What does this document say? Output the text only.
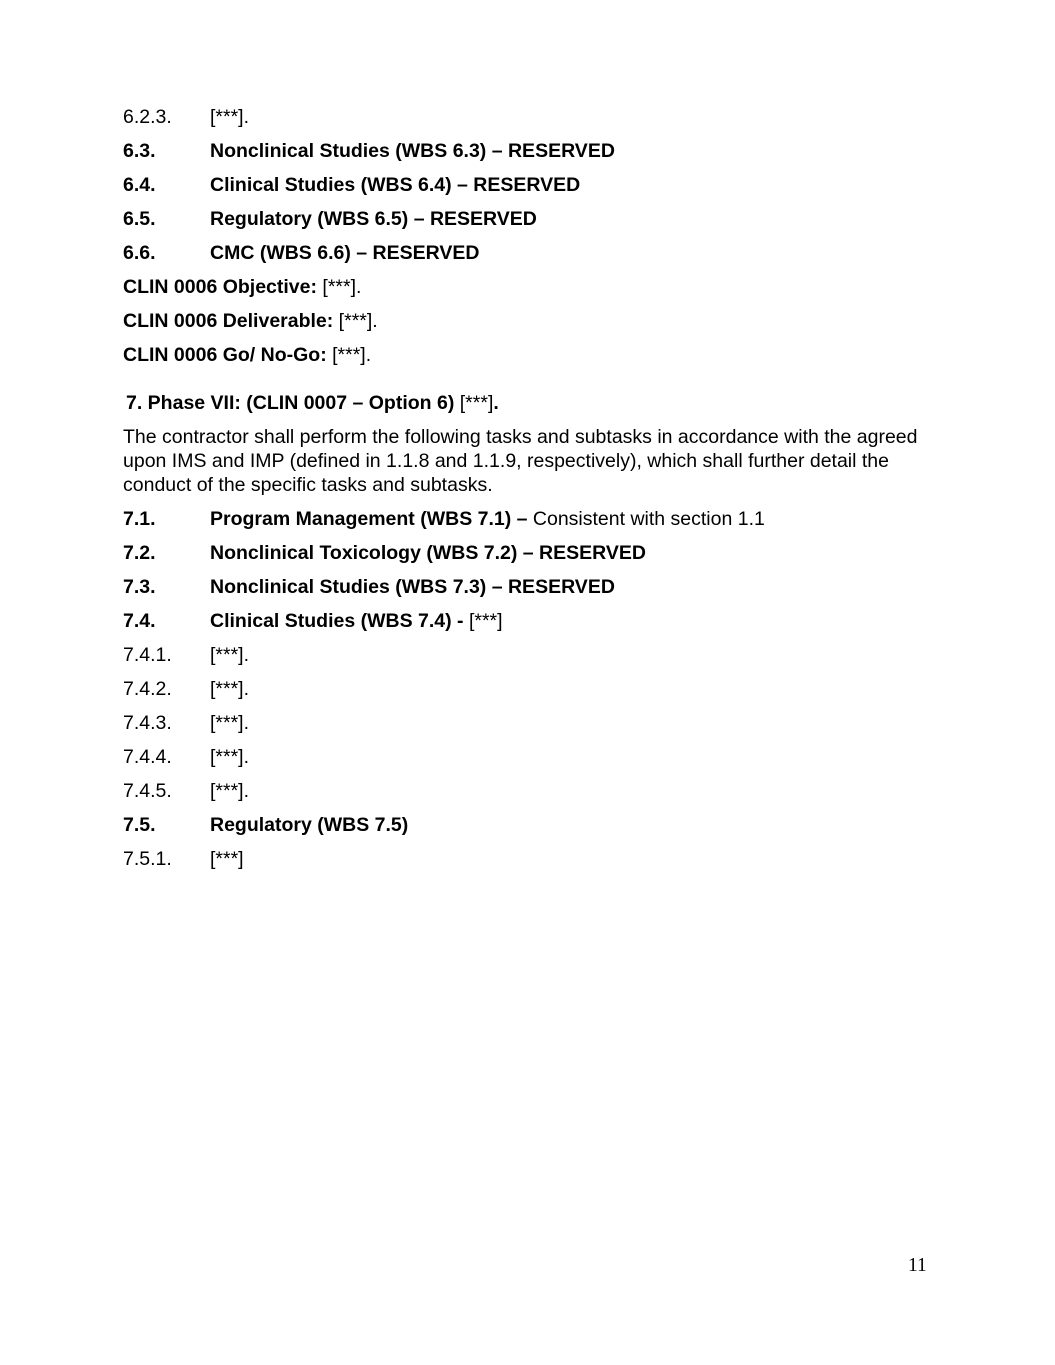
6.2.3. [***].
6.3.	Nonclinical Studies (WBS 6.3) – RESERVED
6.4.	Clinical Studies (WBS 6.4) – RESERVED
6.5.	Regulatory (WBS 6.5) – RESERVED
6.6.	CMC (WBS 6.6) – RESERVED
CLIN 0006 Objective: [***].
CLIN 0006 Deliverable: [***].
CLIN 0006 Go/ No-Go: [***].
7. Phase VII: (CLIN 0007 – Option 6) [***].
The contractor shall perform the following tasks and subtasks in accordance with the agreed upon IMS and IMP (defined in 1.1.8 and 1.1.9, respectively), which shall further detail the conduct of the specific tasks and subtasks.
7.1.	Program Management (WBS 7.1) – Consistent with section 1.1
7.2.	Nonclinical Toxicology (WBS 7.2) – RESERVED
7.3.	Nonclinical Studies (WBS 7.3) – RESERVED
7.4.	Clinical Studies (WBS 7.4) - [***]
7.4.1. [***].
7.4.2. [***].
7.4.3. [***].
7.4.4. [***].
7.4.5. [***].
7.5.	Regulatory (WBS 7.5)
7.5.1. [***]
11
